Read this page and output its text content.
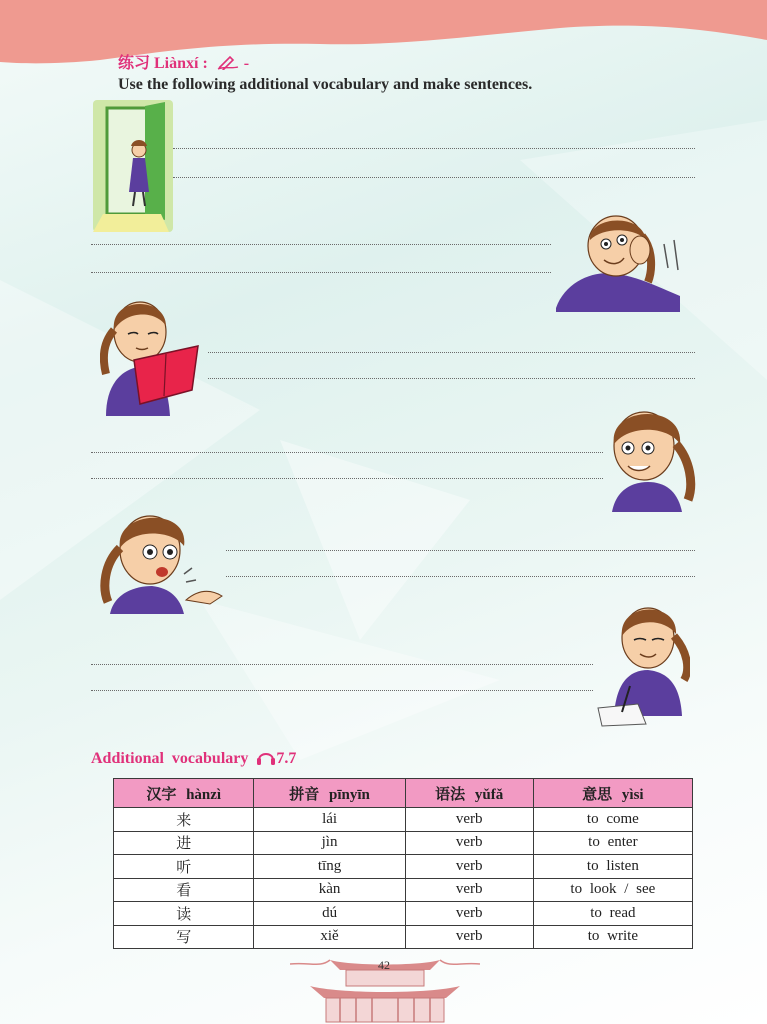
练习 Liànxí : -
Use the following additional vocabulary and make sentences.
Additional vocabulary 7.7
汉字 hànzì	拼音 pīnyīn	语法 yǔfǎ	意思 yìsi
来	lái	verb	to come
进	jìn	verb	to enter
听	tīng	verb	to listen
看	kàn	verb	to look / see
读	dú	verb	to read
写	xiě	verb	to write
42
